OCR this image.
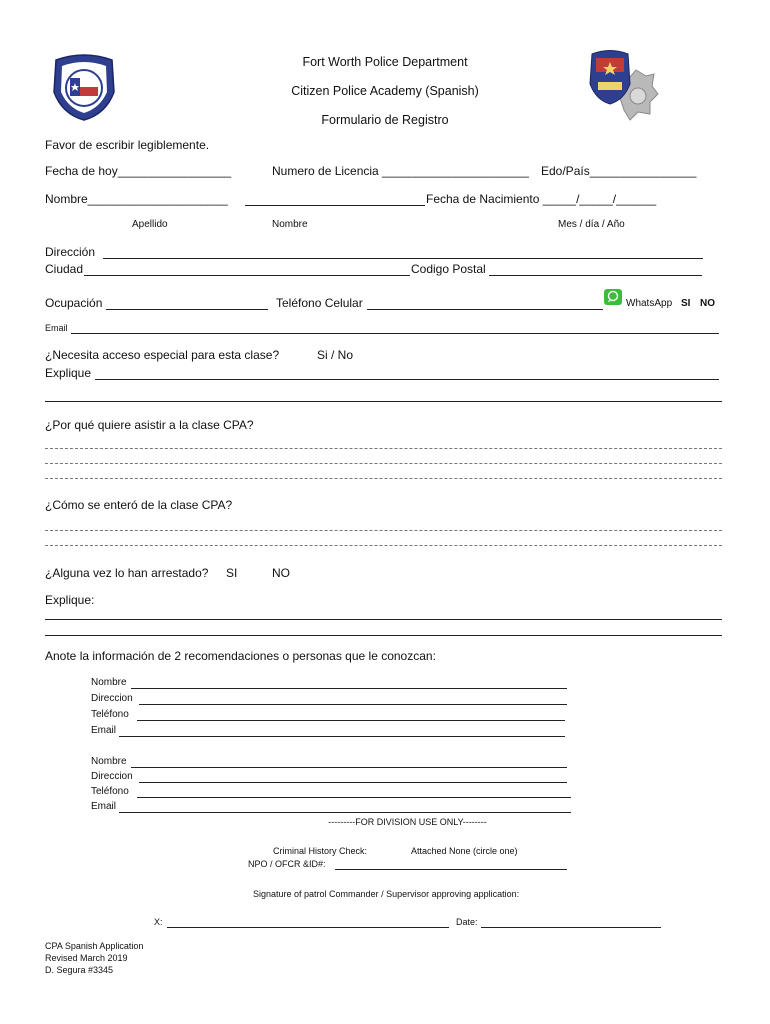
Fort Worth Police Department
Citizen Police Academy (Spanish)
Formulario de Registro
Favor de escribir legiblemente.
Fecha de hoy_________________	Numero de Licencia ______________________ Edo/País________________
Nombre_____________________	Fecha de Nacimiento _____/_____/______
Apellido	Nombre	Mes / día / Año
Dirección
Ciudad	Codigo Postal
Ocupación	Teléfono Celular	WhatsApp SI NO
Email
¿Necesita acceso especial para esta clase?	Si / No
Explique
¿Por qué quiere asistir a la clase CPA?
¿Cómo se enteró de la clase CPA?
¿Alguna vez lo han arrestado? SI	NO
Explique:
Anote la información de 2 recomendaciones o personas que le conozcan:
Nombre
Direccion
Teléfono
Email
Nombre
Direccion
Teléfono
Email
---------FOR DIVISION USE ONLY--------
Criminal History Check:	Attached None (circle one)
NPO / OFCR &ID#:
Signature of patrol Commander / Supervisor approving application:
X:	Date:
CPA Spanish Application
Revised March 2019
D. Segura #3345
